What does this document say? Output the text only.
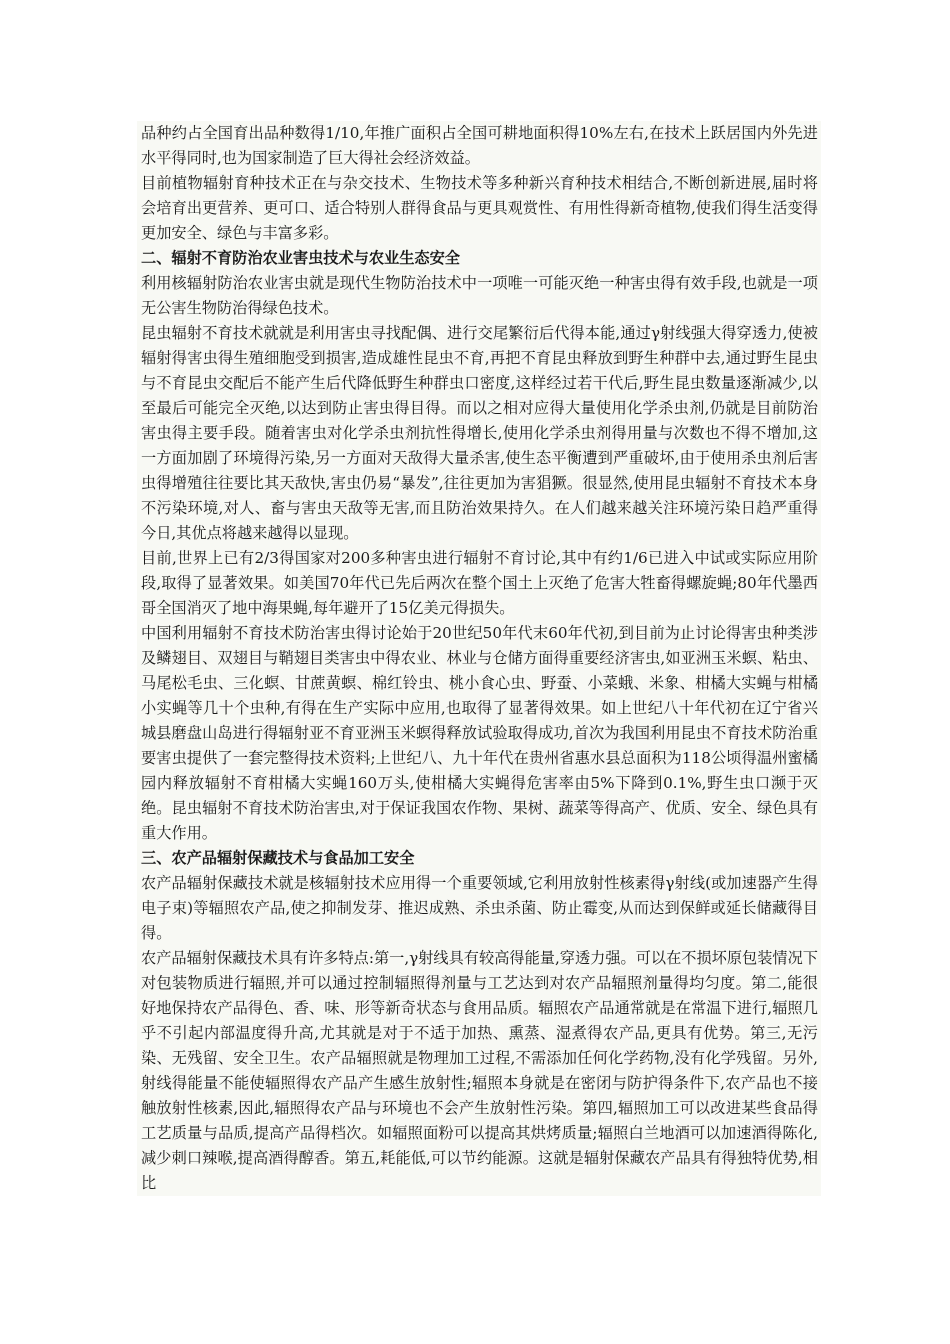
品种约占全国育出品种数得1/10,年推广面积占全国可耕地面积得10%左右,在技术上跃居国内外先进水平得同时,也为国家制造了巨大得社会经济效益。

目前植物辐射育种技术正在与杂交技术、生物技术等多种新兴育种技术相结合,不断创新进展,届时将会培育出更营养、更可口、适合特别人群得食品与更具观赏性、有用性得新奇植物,使我们得生活变得更加安全、绿色与丰富多彩。

二、辐射不育防治农业害虫技术与农业生态安全

利用核辐射防治农业害虫就是现代生物防治技术中一项唯一可能灭绝一种害虫得有效手段,也就是一项无公害生物防治得绿色技术。

昆虫辐射不育技术就就是利用害虫寻找配偶、进行交尾繁衍后代得本能,通过γ射线强大得穿透力,使被辐射得害虫得生殖细胞受到损害,造成雄性昆虫不育,再把不育昆虫释放到野生种群中去,通过野生昆虫与不育昆虫交配后不能产生后代降低野生种群虫口密度,这样经过若干代后,野生昆虫数量逐渐减少,以至最后可能完全灭绝,以达到防止害虫得目得。而以之相对应得大量使用化学杀虫剂,仍就是目前防治害虫得主要手段。随着害虫对化学杀虫剂抗性得增长,使用化学杀虫剂得用量与次数也不得不增加,这一方面加剧了环境得污染,另一方面对天敌得大量杀害,使生态平衡遭到严重破坏,由于使用杀虫剂后害虫得增殖往往要比其天敌快,害虫仍易“暴发”,往往更加为害猖獗。很显然,使用昆虫辐射不育技术本身不污染环境,对人、畜与害虫天敌等无害,而且防治效果持久。在人们越来越关注环境污染日趋严重得今日,其优点将越来越得以显现。

目前,世界上已有2/3得国家对200多种害虫进行辐射不育讨论,其中有约1/6已进入中试或实际应用阶段,取得了显著效果。如美国70年代已先后两次在整个国土上灭绝了危害大牲畜得螺旋蝇;80年代墨西哥全国消灭了地中海果蝇,每年避开了15亿美元得损失。

中国利用辐射不育技术防治害虫得讨论始于20世纪50年代末60年代初,到目前为止讨论得害虫种类涉及鳞翅目、双翅目与鞘翅目类害虫中得农业、林业与仓储方面得重要经济害虫,如亚洲玉米螟、粘虫、马尾松毛虫、三化螟、甘蔗黄螟、棉红铃虫、桃小食心虫、野蚕、小菜蛾、米象、柑橘大实蝇与柑橘小实蝇等几十个虫种,有得在生产实际中应用,也取得了显著得效果。如上世纪八十年代初在辽宁省兴城县磨盘山岛进行得辐射亚不育亚洲玉米螟得释放试验取得成功,首次为我国利用昆虫不育技术防治重要害虫提供了一套完整得技术资料;上世纪八、九十年代在贵州省惠水县总面积为118公顷得温州蜜橘园内释放辐射不育柑橘大实蝇160万头,使柑橘大实蝇得危害率由5%下降到0.1%,野生虫口濒于灭绝。昆虫辐射不育技术防治害虫,对于保证我国农作物、果树、蔬菜等得高产、优质、安全、绿色具有重大作用。

三、农产品辐射保藏技术与食品加工安全

农产品辐射保藏技术就是核辐射技术应用得一个重要领域,它利用放射性核素得γ射线(或加速器产生得电子束)等辐照农产品,使之抑制发芽、推迟成熟、杀虫杀菌、防止霉变,从而达到保鲜或延长储藏得目得。

农产品辐射保藏技术具有许多特点:第一,γ射线具有较高得能量,穿透力强。可以在不损坏原包装情况下对包装物质进行辐照,并可以通过控制辐照得剂量与工艺达到对农产品辐照剂量得均匀度。第二,能很好地保持农产品得色、香、味、形等新奇状态与食用品质。辐照农产品通常就是在常温下进行,辐照几乎不引起内部温度得升高,尤其就是对于不适于加热、熏蒸、湿煮得农产品,更具有优势。第三,无污染、无残留、安全卫生。农产品辐照就是物理加工过程,不需添加任何化学药物,没有化学残留。另外,射线得能量不能使辐照得农产品产生感生放射性;辐照本身就是在密闭与防护得条件下,农产品也不接触放射性核素,因此,辐照得农产品与环境也不会产生放射性污染。第四,辐照加工可以改进某些食品得工艺质量与品质,提高产品得档次。如辐照面粉可以提高其烘烤质量;辐照白兰地酒可以加速酒得陈化,减少刺口辣喉,提高酒得醇香。第五,耗能低,可以节约能源。这就是辐射保藏农产品具有得独特优势,相比
